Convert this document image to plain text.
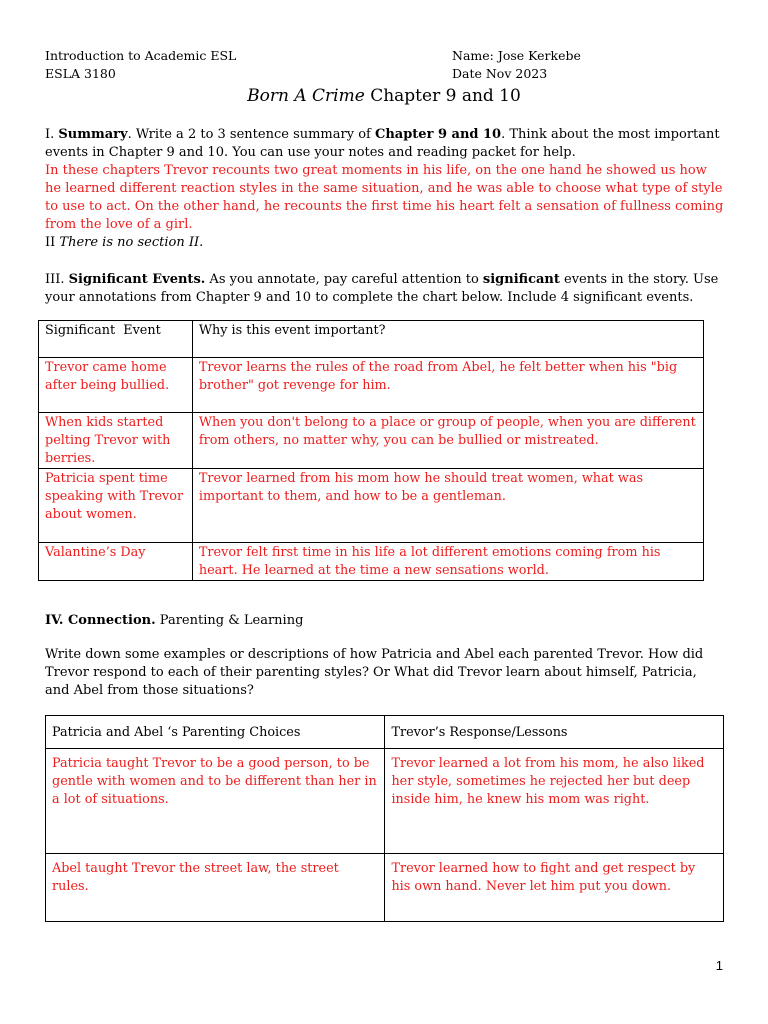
Introduction to Academic ESL
ESLA 3180
Name: Jose Kerkebe
Date Nov 2023
Born A Crime Chapter 9 and 10
I. Summary. Write a 2 to 3 sentence summary of Chapter 9 and 10. Think about the most important events in Chapter 9 and 10. You can use your notes and reading packet for help.
In these chapters Trevor recounts two great moments in his life, on the one hand he showed us how he learned different reaction styles in the same situation, and he was able to choose what type of style to use to act. On the other hand, he recounts the first time his heart felt a sensation of fullness coming from the love of a girl.
II There is no section II.
III. Significant Events. As you annotate, pay careful attention to significant events in the story. Use your annotations from Chapter 9 and 10 to complete the chart below. Include 4 significant events.
Significant  Event	Why is this event important?
Trevor came home after being bullied.	Trevor learns the rules of the road from Abel, he felt better when his "big brother" got revenge for him.
When kids started pelting Trevor with berries.	When you don't belong to a place or group of people, when you are different from others, no matter why, you can be bullied or mistreated.
Patricia spent time speaking with Trevor about women.	Trevor learned from his mom how he should treat women, what was important to them, and how to be a gentleman.
Valantine’s Day	Trevor felt first time in his life a lot different emotions coming from his heart. He learned at the time a new sensations world.
IV. Connection. Parenting & Learning
Write down some examples or descriptions of how Patricia and Abel each parented Trevor. How did Trevor respond to each of their parenting styles? Or What did Trevor learn about himself, Patricia, and Abel from those situations?
Patricia and Abel ‘s Parenting Choices	Trevor’s Response/Lessons
Patricia taught Trevor to be a good person, to be gentle with women and to be different than her in a lot of situations.	Trevor learned a lot from his mom, he also liked her style, sometimes he rejected her but deep inside him, he knew his mom was right.
Abel taught Trevor the street law, the street rules.	Trevor learned how to fight and get respect by his own hand. Never let him put you down.
1
